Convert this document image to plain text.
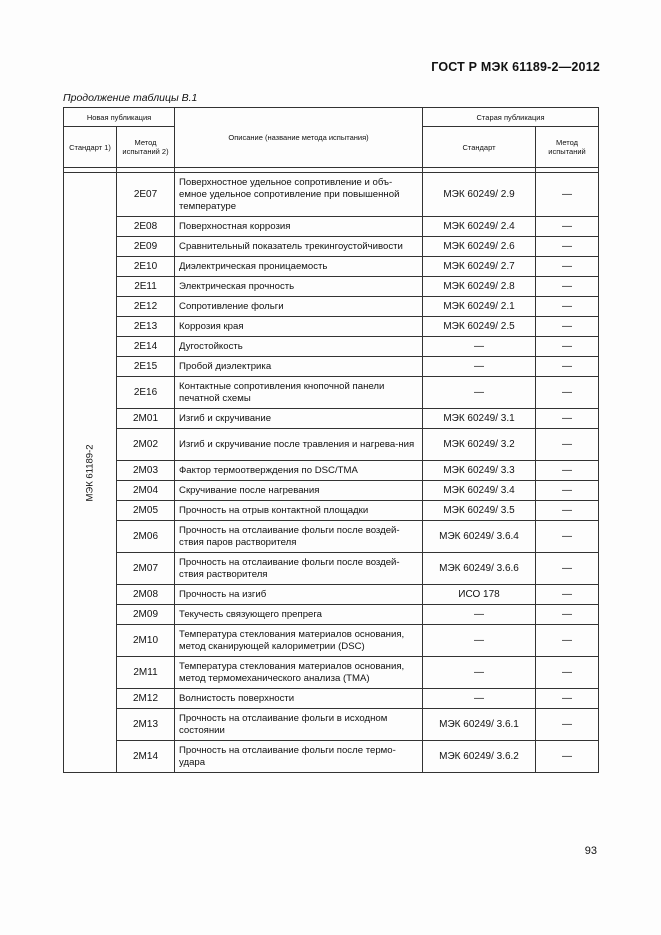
ГОСТ Р МЭК 61189-2—2012
Продолжение таблицы В.1
Новая публикация		Описание (название метода испытания)	Старая публикация	
Стандарт 1)	Метод испытаний 2)		Стандарт	Метод испытаний

МЭК 61189-2	2E07	Поверхностное удельное сопротивление и объ-емное удельное сопротивление при повышенной температуре	МЭК 60249/ 2.9	—
	2E08	Поверхностная коррозия	МЭК 60249/ 2.4	—
	2E09	Сравнительный показатель трекингоустойчивости	МЭК 60249/ 2.6	—
	2E10	Диэлектрическая проницаемость	МЭК 60249/ 2.7	—
	2E11	Электрическая прочность	МЭК 60249/ 2.8	—
	2E12	Сопротивление фольги	МЭК 60249/ 2.1	—
	2E13	Коррозия края	МЭК 60249/ 2.5	—
	2E14	Дугостойкость	—	—
	2E15	Пробой диэлектрика	—	—
	2E16	Контактные сопротивления кнопочной панели печатной схемы	—	—
	2M01	Изгиб и скручивание	МЭК 60249/ 3.1	—
	2M02	Изгиб и скручивание после травления и нагрева-ния	МЭК 60249/ 3.2	—
	2M03	Фактор термоотверждения по DSC/TMA	МЭК 60249/ 3.3	—
	2M04	Скручивание после нагревания	МЭК 60249/ 3.4	—
	2M05	Прочность на отрыв контактной площадки	МЭК 60249/ 3.5	—
	2M06	Прочность на отслаивание фольги после воздей-ствия паров растворителя	МЭК 60249/ 3.6.4	—
	2M07	Прочность на отслаивание фольги после воздей-ствия растворителя	МЭК 60249/ 3.6.6	—
	2M08	Прочность на изгиб	ИСО 178	—
	2M09	Текучесть связующего препрега	—	—
	2M10	Температура стеклования материалов основания, метод сканирующей калориметрии (DSC)	—	—
	2M11	Температура стеклования материалов основания, метод термомеханического анализа (TMA)	—	—
	2M12	Волнистость поверхности	—	—
	2M13	Прочность на отслаивание фольги в исходном состоянии	МЭК 60249/ 3.6.1	—
	2M14	Прочность на отслаивание фольги после термо-удара	МЭК 60249/ 3.6.2	—
93
